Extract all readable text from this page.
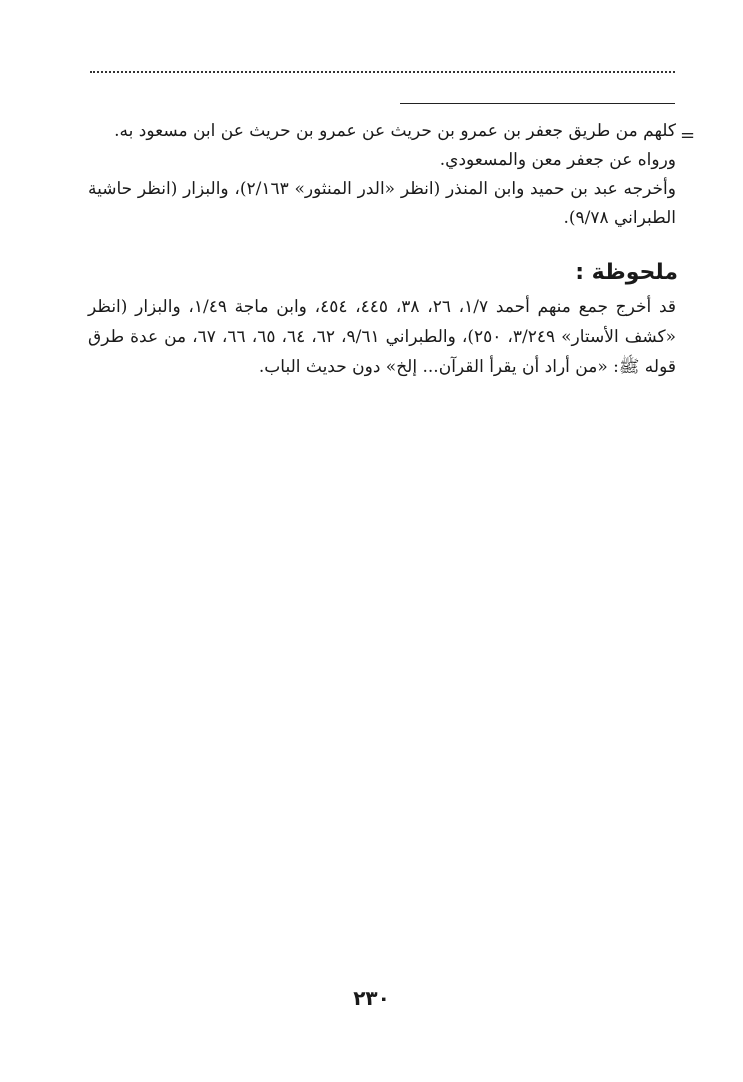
=

كلهم من طريق جعفر بن عمرو بن حريث عن عمرو بن حريث عن ابن مسعود به.

ورواه عن جعفر معن والمسعودي.

وأخرجه عبد بن حميد وابن المنذر (انظر «الدر المنثور» ٢/١٦٣)، والبزار (انظر حاشية الطبراني ٩/٧٨).

ملحوظة :
قد أخرج جمع منهم أحمد ١/٧، ٢٦، ٣٨، ٤٤٥، ٤٥٤، وابن ماجة ١/٤٩، والبزار (انظر «كشف الأستار» ٣/٢٤٩، ٢٥٠)، والطبراني ٩/٦١، ٦٢، ٦٤، ٦٥، ٦٦، ٦٧، من عدة طرق قوله ﷺ: «من أراد أن يقرأ القرآن... إلخ» دون حديث الباب.
٢٣٠
